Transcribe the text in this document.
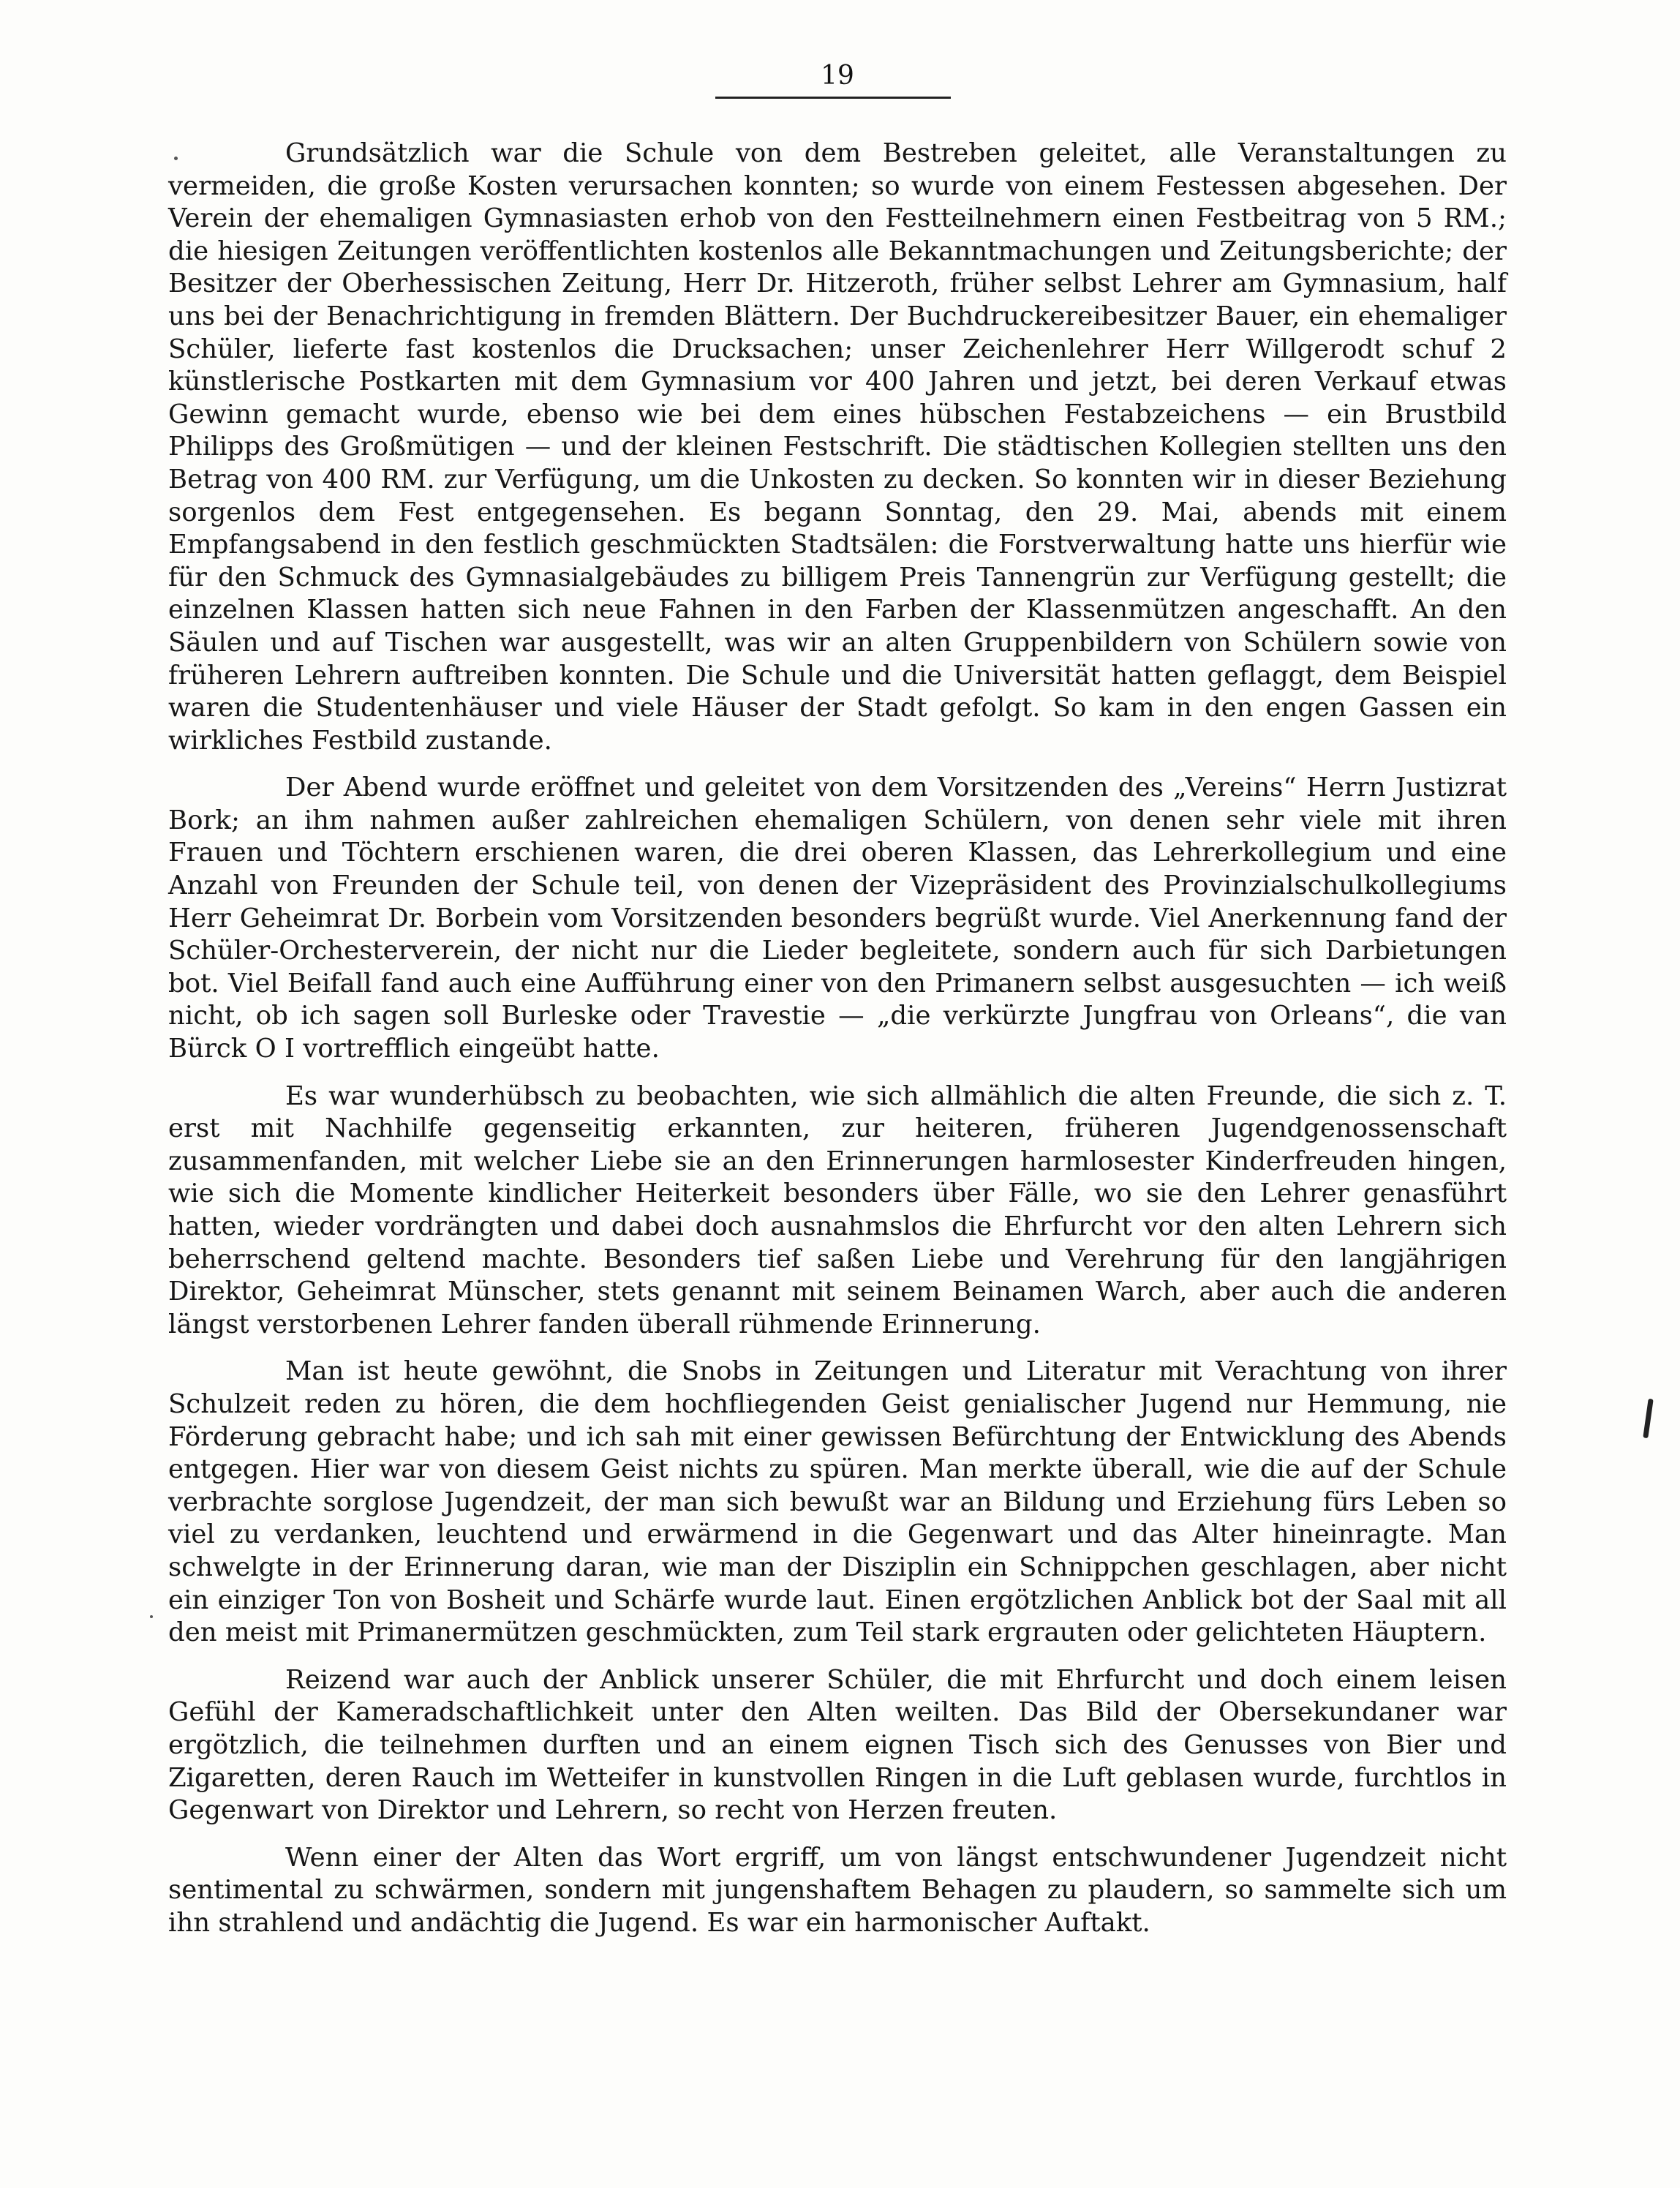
19

Grundsätzlich war die Schule von dem Bestreben geleitet, alle Veranstaltungen zu vermeiden, die große Kosten verursachen konnten; so wurde von einem Festessen abgesehen. Der Verein der ehemaligen Gymnasiasten erhob von den Festteilnehmern einen Festbeitrag von 5 RM.; die hiesigen Zeitungen veröffentlichten kostenlos alle Bekanntmachungen und Zeitungsberichte; der Besitzer der Oberhessischen Zeitung, Herr Dr. Hitzeroth, früher selbst Lehrer am Gymnasium, half uns bei der Benachrichtigung in fremden Blättern. Der Buchdruckereibesitzer Bauer, ein ehemaliger Schüler, lieferte fast kostenlos die Drucksachen; unser Zeichenlehrer Herr Willgerodt schuf 2 künstlerische Postkarten mit dem Gymnasium vor 400 Jahren und jetzt, bei deren Verkauf etwas Gewinn gemacht wurde, ebenso wie bei dem eines hübschen Festabzeichens — ein Brustbild Philipps des Großmütigen — und der kleinen Festschrift. Die städtischen Kollegien stellten uns den Betrag von 400 RM. zur Verfügung, um die Unkosten zu decken. So konnten wir in dieser Beziehung sorgenlos dem Fest entgegensehen. Es begann Sonntag, den 29. Mai, abends mit einem Empfangsabend in den festlich geschmückten Stadtsälen: die Forstverwaltung hatte uns hierfür wie für den Schmuck des Gymnasialgebäudes zu billigem Preis Tannengrün zur Verfügung gestellt; die einzelnen Klassen hatten sich neue Fahnen in den Farben der Klassenmützen angeschafft. An den Säulen und auf Tischen war ausgestellt, was wir an alten Gruppenbildern von Schülern sowie von früheren Lehrern auftreiben konnten. Die Schule und die Universität hatten geflaggt, dem Beispiel waren die Studentenhäuser und viele Häuser der Stadt gefolgt. So kam in den engen Gassen ein wirkliches Festbild zustande.

Der Abend wurde eröffnet und geleitet von dem Vorsitzenden des „Vereins“ Herrn Justizrat Bork; an ihm nahmen außer zahlreichen ehemaligen Schülern, von denen sehr viele mit ihren Frauen und Töchtern erschienen waren, die drei oberen Klassen, das Lehrerkollegium und eine Anzahl von Freunden der Schule teil, von denen der Vizepräsident des Provinzialschulkollegiums Herr Geheimrat Dr. Borbein vom Vorsitzenden besonders begrüßt wurde. Viel Anerkennung fand der Schüler-Orchesterverein, der nicht nur die Lieder begleitete, sondern auch für sich Darbietungen bot. Viel Beifall fand auch eine Aufführung einer von den Primanern selbst ausgesuchten — ich weiß nicht, ob ich sagen soll Burleske oder Travestie — „die verkürzte Jungfrau von Orleans“, die van Bürck O I vortrefflich eingeübt hatte.

Es war wunderhübsch zu beobachten, wie sich allmählich die alten Freunde, die sich z. T. erst mit Nachhilfe gegenseitig erkannten, zur heiteren, früheren Jugendgenossenschaft zusammenfanden, mit welcher Liebe sie an den Erinnerungen harmlosester Kinderfreuden hingen, wie sich die Momente kindlicher Heiterkeit besonders über Fälle, wo sie den Lehrer genasführt hatten, wieder vordrängten und dabei doch ausnahmslos die Ehrfurcht vor den alten Lehrern sich beherrschend geltend machte. Besonders tief saßen Liebe und Verehrung für den langjährigen Direktor, Geheimrat Münscher, stets genannt mit seinem Beinamen Warch, aber auch die anderen längst verstorbenen Lehrer fanden überall rühmende Erinnerung.

Man ist heute gewöhnt, die Snobs in Zeitungen und Literatur mit Verachtung von ihrer Schulzeit reden zu hören, die dem hochfliegenden Geist genialischer Jugend nur Hemmung, nie Förderung gebracht habe; und ich sah mit einer gewissen Befürchtung der Entwicklung des Abends entgegen. Hier war von diesem Geist nichts zu spüren. Man merkte überall, wie die auf der Schule verbrachte sorglose Jugendzeit, der man sich bewußt war an Bildung und Erziehung fürs Leben so viel zu verdanken, leuchtend und erwärmend in die Gegenwart und das Alter hineinragte. Man schwelgte in der Erinnerung daran, wie man der Disziplin ein Schnippchen geschlagen, aber nicht ein einziger Ton von Bosheit und Schärfe wurde laut. Einen ergötzlichen Anblick bot der Saal mit all den meist mit Primanermützen geschmückten, zum Teil stark ergrauten oder gelichteten Häuptern.

Reizend war auch der Anblick unserer Schüler, die mit Ehrfurcht und doch einem leisen Gefühl der Kameradschaftlichkeit unter den Alten weilten. Das Bild der Obersekundaner war ergötzlich, die teilnehmen durften und an einem eignen Tisch sich des Genusses von Bier und Zigaretten, deren Rauch im Wetteifer in kunstvollen Ringen in die Luft geblasen wurde, furchtlos in Gegenwart von Direktor und Lehrern, so recht von Herzen freuten.

Wenn einer der Alten das Wort ergriff, um von längst entschwundener Jugendzeit nicht sentimental zu schwärmen, sondern mit jungenshaftem Behagen zu plaudern, so sammelte sich um ihn strahlend und andächtig die Jugend. Es war ein harmonischer Auftakt.
